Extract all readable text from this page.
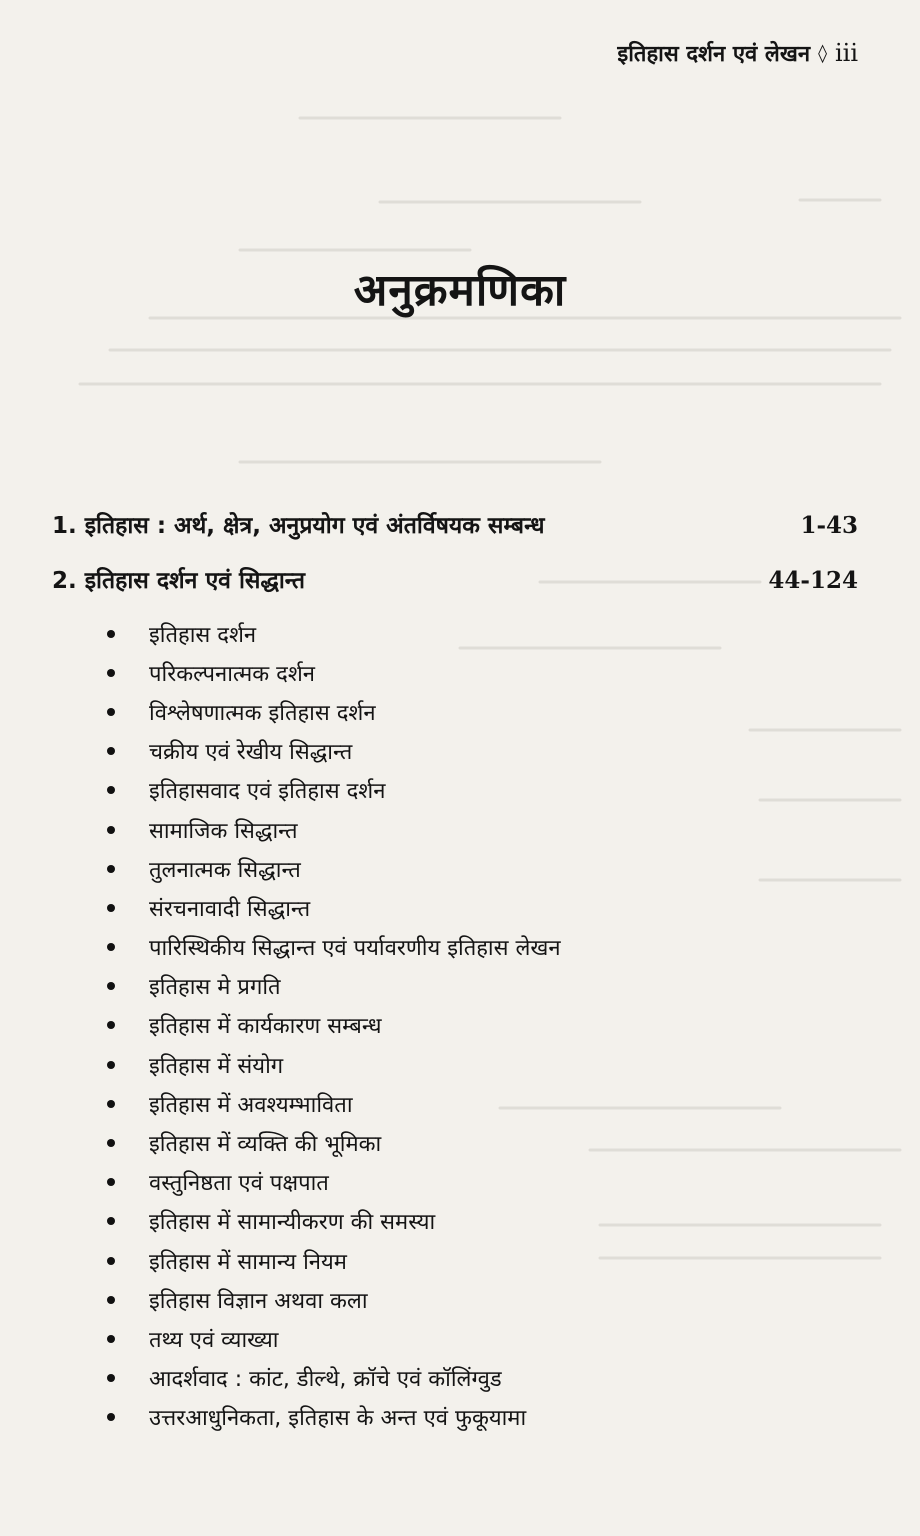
इतिहास दर्शन एवं लेखन ◊ iii
अनुक्रमणिका
1. इतिहास : अर्थ, क्षेत्र, अनुप्रयोग एवं अंतर्विषयक सम्बन्ध	1-43
2. इतिहास दर्शन एवं सिद्धान्त	44-124
इतिहास दर्शन
परिकल्पनात्मक दर्शन
विश्लेषणात्मक इतिहास दर्शन
चक्रीय एवं रेखीय सिद्धान्त
इतिहासवाद एवं इतिहास दर्शन
सामाजिक सिद्धान्त
तुलनात्मक सिद्धान्त
संरचनावादी सिद्धान्त
पारिस्थिकीय सिद्धान्त एवं पर्यावरणीय इतिहास लेखन
इतिहास मे प्रगति
इतिहास में कार्यकारण सम्बन्ध
इतिहास में संयोग
इतिहास में अवश्यम्भाविता
इतिहास में व्यक्ति की भूमिका
वस्तुनिष्ठता एवं पक्षपात
इतिहास में सामान्यीकरण की समस्या
इतिहास में सामान्य नियम
इतिहास विज्ञान अथवा कला
तथ्य एवं व्याख्या
आदर्शवाद : कांट, डील्थे, क्रॉचे एवं कॉलिंग्वुड
उत्तरआधुनिकता, इतिहास के अन्त एवं फुकूयामा
